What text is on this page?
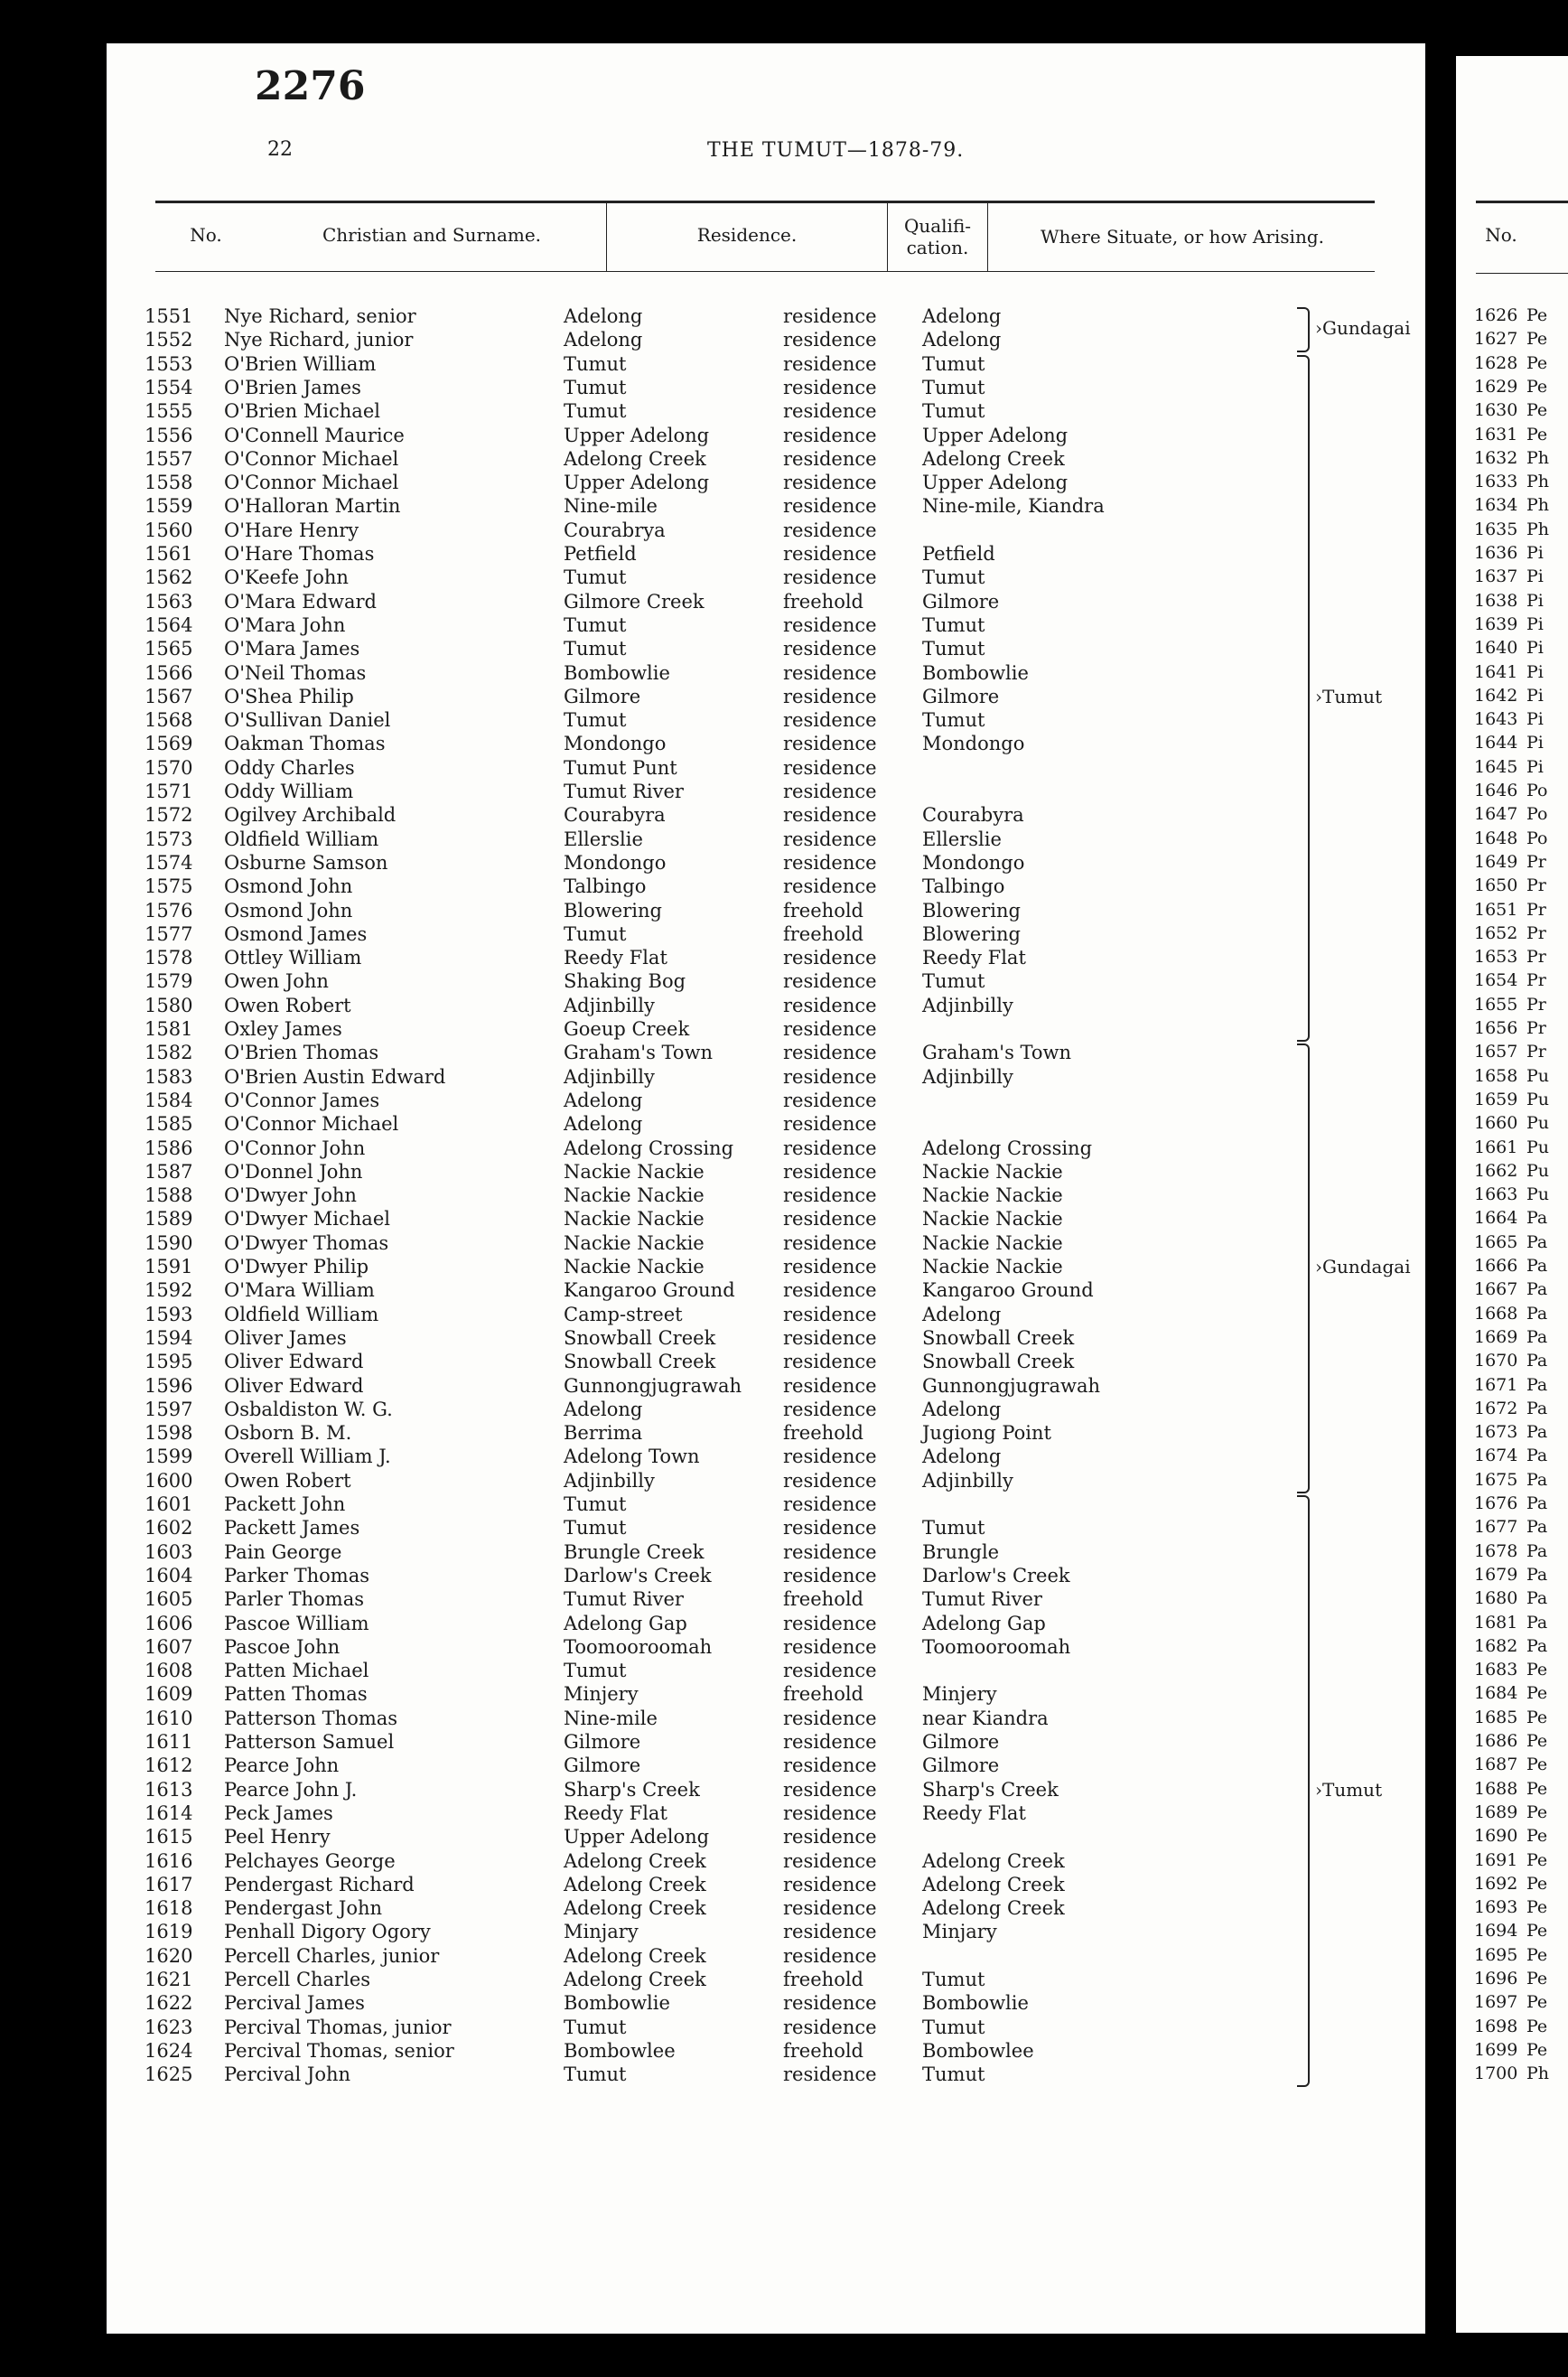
2276
22	THE TUMUT—1878-79.
No.	Christian and Surname.	Residence.	Qualifi-
cation.	Where Situate, or how Arising.
1551 Nye Richard, senior	Adelong	residence Adelong
1552 Nye Richard, junior	Adelong	residence Adelong
1553 O'Brien William	Tumut	residence Tumut
1554 O'Brien James	Tumut	residence Tumut
1555 O'Brien Michael	Tumut	residence Tumut
1556 O'Connell Maurice	Upper Adelong	residence Upper Adelong
1557 O'Connor Michael	Adelong Creek	residence Adelong Creek
1558 O'Connor Michael	Upper Adelong	residence Upper Adelong
1559 O'Halloran Martin	Nine-mile	residence Nine-mile, Kiandra
1560 O'Hare Henry	Courabrya	residence
1561 O'Hare Thomas	Petfield	residence Petfield
1562 O'Keefe John	Tumut	residence Tumut
1563 O'Mara Edward	Gilmore Creek	freehold	Gilmore
1564 O'Mara John	Tumut	residence Tumut
1565 O'Mara James	Tumut	residence Tumut
1566 O'Neil Thomas	Bombowlie	residence Bombowlie
1567 O'Shea Philip	Gilmore	residence Gilmore
1568 O'Sullivan Daniel	Tumut	residence Tumut
1569 Oakman Thomas	Mondongo	residence Mondongo
1570 Oddy Charles	Tumut Punt	residence
1571 Oddy William	Tumut River	residence
1572 Ogilvey Archibald	Courabyra	residence Courabyra
1573 Oldfield William	Ellerslie	residence Ellerslie
1574 Osburne Samson	Mondongo	residence Mondongo
1575 Osmond John	Talbingo	residence Talbingo
1576 Osmond John	Blowering	freehold	Blowering
1577 Osmond James	Tumut	freehold	Blowering
1578 Ottley William	Reedy Flat	residence Reedy Flat
1579 Owen John	Shaking Bog	residence Tumut
1580 Owen Robert	Adjinbilly	residence Adjinbilly
1581 Oxley James	Goeup Creek	residence
1582 O'Brien Thomas	Graham's Town	residence Graham's Town
1583 O'Brien Austin Edward	Adjinbilly	residence Adjinbilly
1584 O'Connor James	Adelong	residence
1585 O'Connor Michael	Adelong	residence
1586 O'Connor John	Adelong Crossing	residence Adelong Crossing
1587 O'Donnel John	Nackie Nackie	residence Nackie Nackie
1588 O'Dwyer John	Nackie Nackie	residence Nackie Nackie
1589 O'Dwyer Michael	Nackie Nackie	residence Nackie Nackie
1590 O'Dwyer Thomas	Nackie Nackie	residence Nackie Nackie
1591 O'Dwyer Philip	Nackie Nackie	residence Nackie Nackie
1592 O'Mara William	Kangaroo Ground	residence Kangaroo Ground
1593 Oldfield William	Camp-street	residence Adelong
1594 Oliver James	Snowball Creek	residence Snowball Creek
1595 Oliver Edward	Snowball Creek	residence Snowball Creek
1596 Oliver Edward	Gunnongjugrawah residence Gunnongjugrawah
1597 Osbaldiston W. G.	Adelong	residence Adelong
1598 Osborn B. M.	Berrima	freehold	Jugiong Point
1599 Overell William J.	Adelong Town	residence Adelong
1600 Owen Robert	Adjinbilly	residence Adjinbilly
1601 Packett John	Tumut	residence
1602 Packett James	Tumut	residence Tumut
1603 Pain George	Brungle Creek	residence Brungle
1604 Parker Thomas	Darlow's Creek	residence Darlow's Creek
1605 Parler Thomas	Tumut River	freehold	Tumut River
1606 Pascoe William	Adelong Gap	residence Adelong Gap
1607 Pascoe John	Toomooroomah	residence Toomooroomah
1608 Patten Michael	Tumut	residence
1609 Patten Thomas	Minjery	freehold	Minjery
1610 Patterson Thomas	Nine-mile	residence near Kiandra
1611 Patterson Samuel	Gilmore	residence Gilmore
1612 Pearce John	Gilmore	residence Gilmore
1613 Pearce John J.	Sharp's Creek	residence Sharp's Creek
1614 Peck James	Reedy Flat	residence Reedy Flat
1615 Peel Henry	Upper Adelong	residence
1616 Pelchayes George	Adelong Creek	residence Adelong Creek
1617 Pendergast Richard	Adelong Creek	residence Adelong Creek
1618 Pendergast John	Adelong Creek	residence Adelong Creek
1619 Penhall Digory Ogory	Minjary	residence Minjary
1620 Percell Charles, junior	Adelong Creek	residence
1621 Percell Charles	Adelong Creek	freehold	Tumut
1622 Percival James	Bombowlie	residence Bombowlie
1623 Percival Thomas, junior	Tumut	residence Tumut
1624 Percival Thomas, senior	Bombowlee	freehold	Bombowlee
1625 Percival John	Tumut	residence Tumut
›Gundagai
›Tumut
›Gundagai
›Tumut
No.
1626 Pe
1627 Pe
1628 Pe
1629 Pe
1630 Pe
1631 Pe
1632 Ph
1633 Ph
1634 Ph
1635 Ph
1636 Pi
1637 Pi
1638 Pi
1639 Pi
1640 Pi
1641 Pi
1642 Pi
1643 Pi
1644 Pi
1645 Pi
1646 Po
1647 Po
1648 Po
1649 Pr
1650 Pr
1651 Pr
1652 Pr
1653 Pr
1654 Pr
1655 Pr
1656 Pr
1657 Pr
1658 Pu
1659 Pu
1660 Pu
1661 Pu
1662 Pu
1663 Pu
1664 Pa
1665 Pa
1666 Pa
1667 Pa
1668 Pa
1669 Pa
1670 Pa
1671 Pa
1672 Pa
1673 Pa
1674 Pa
1675 Pa
1676 Pa
1677 Pa
1678 Pa
1679 Pa
1680 Pa
1681 Pa
1682 Pa
1683 Pe
1684 Pe
1685 Pe
1686 Pe
1687 Pe
1688 Pe
1689 Pe
1690 Pe
1691 Pe
1692 Pe
1693 Pe
1694 Pe
1695 Pe
1696 Pe
1697 Pe
1698 Pe
1699 Pe
1700 Ph
